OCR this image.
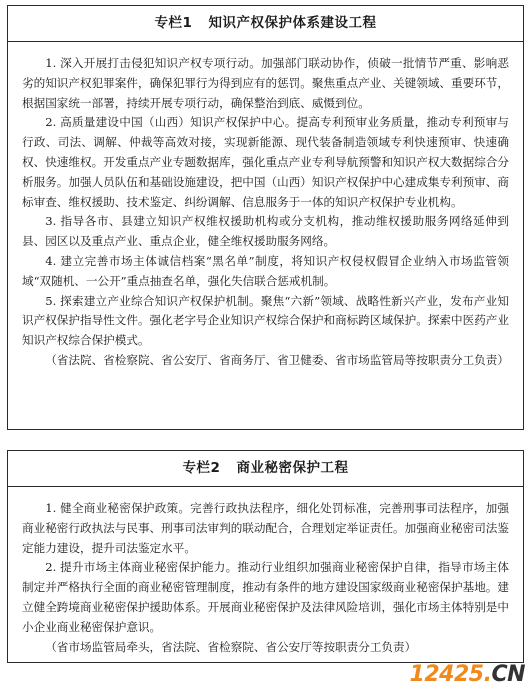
专栏1 知识产权保护体系建设工程

1. 深入开展打击侵犯知识产权专项行动。加强部门联动协作，侦破一批情节严重、影响恶劣的知识产权犯罪案件，确保犯罪行为得到应有的惩罚。聚焦重点产业、关键领域、重要环节，根据国家统一部署，持续开展专项行动，确保整治到底、威慑到位。

2. 高质量建设中国（山西）知识产权保护中心。提高专利预审业务质量，推动专利预审与行政、司法、调解、仲裁等高效对接，实现新能源、现代装备制造领域专利快速预审、快速确权、快速维权。开发重点产业专题数据库，强化重点产业专利导航预警和知识产权大数据综合分析服务。加强人员队伍和基础设施建设，把中国（山西）知识产权保护中心建成集专利预审、商标审查、维权援助、技术鉴定、纠纷调解、信息服务于一体的知识产权保护专业机构。

3. 指导各市、县建立知识产权维权援助机构或分支机构，推动维权援助服务网络延伸到县、园区以及重点产业、重点企业，健全维权援助服务网络。

4. 建立完善市场主体诚信档案“黑名单”制度，将知识产权侵权假冒企业纳入市场监管领域“双随机、一公开”重点抽查名单，强化失信联合惩戒机制。

5. 探索建立产业综合知识产权保护机制。聚焦“六新”领域、战略性新兴产业，发布产业知识产权保护指导性文件。强化老字号企业知识产权综合保护和商标跨区域保护。探索中医药产业知识产权综合保护模式。

（省法院、省检察院、省公安厅、省商务厅、省卫健委、省市场监管局等按职责分工负责）

专栏2 商业秘密保护工程

1. 健全商业秘密保护政策。完善行政执法程序，细化处罚标准，完善刑事司法程序，加强商业秘密行政执法与民事、刑事司法审判的联动配合，合理划定举证责任。加强商业秘密司法鉴定能力建设，提升司法鉴定水平。

2. 提升市场主体商业秘密保护能力。推动行业组织加强商业秘密保护自律，指导市场主体制定并严格执行全面的商业秘密管理制度，推动有条件的地方建设国家级商业秘密保护基地。建立健全跨境商业秘密保护援助体系。开展商业秘密保护及法律风险培训，强化市场主体特别是中小企业商业秘密保护意识。

（省市场监管局牵头，省法院、省检察院、省公安厅等按职责分工负责）

12425.CN
